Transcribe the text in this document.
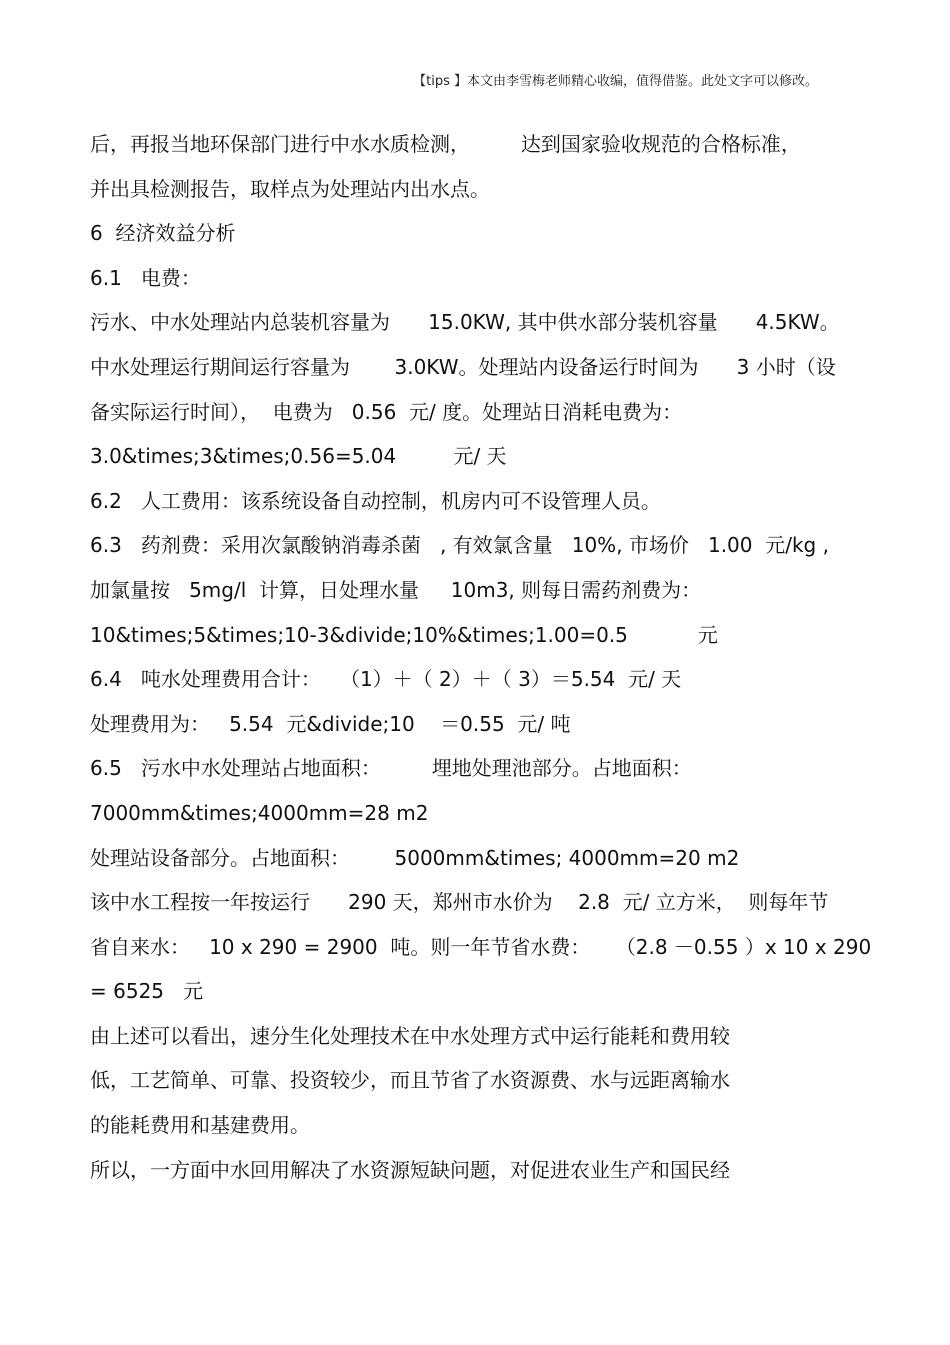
【tips 】本文由李雪梅老师精心收编，值得借鉴。此处文字可以修改。
后，再报当地环保部门进行中水水质检测，        达到国家验收规范的合格标准，
并出具检测报告，取样点为处理站内出水点。
6  经济效益分析
6.1   电费：
污水、中水处理站内总装机容量为      15.0KW, 其中供水部分装机容量      4.5KW。
中水处理运行期间运行容量为       3.0KW。处理站内设备运行时间为      3 小时（设
备实际运行时间），  电费为   0.56  元/ 度。处理站日消耗电费为：
3.0&times;3&times;0.56=5.04         元/ 天
6.2   人工费用：该系统设备自动控制，机房内可不设管理人员。
6.3   药剂费：采用次氯酸钠消毒杀菌   , 有效氯含量   10%, 市场价   1.00  元/kg ,
加氯量按   5mg/l  计算，日处理水量     10m3, 则每日需药剂费为：
10&times;5&times;10-3&divide;10%&times;1.00=0.5           元
6.4   吨水处理费用合计：   （1）＋（ 2）＋（ 3）＝5.54  元/ 天
处理费用为：   5.54  元&divide;10    ＝0.55  元/ 吨
6.5   污水中水处理站占地面积：        埋地处理池部分。占地面积：
7000mm&times;4000mm=28 m2
处理站设备部分。占地面积：       5000mm&times; 4000mm=20 m2
该中水工程按一年按运行      290 天，郑州市水价为    2.8  元/ 立方米，  则每年节
省自来水：   10 x 290 = 2900  吨。则一年节省水费：    （2.8 －0.55 ）x 10 x 290
= 6525   元
由上述可以看出，速分生化处理技术在中水处理方式中运行能耗和费用较
低，工艺简单、可靠、投资较少，而且节省了水资源费、水与远距离输水
的能耗费用和基建费用。
所以，一方面中水回用解决了水资源短缺问题，对促进农业生产和国民经
